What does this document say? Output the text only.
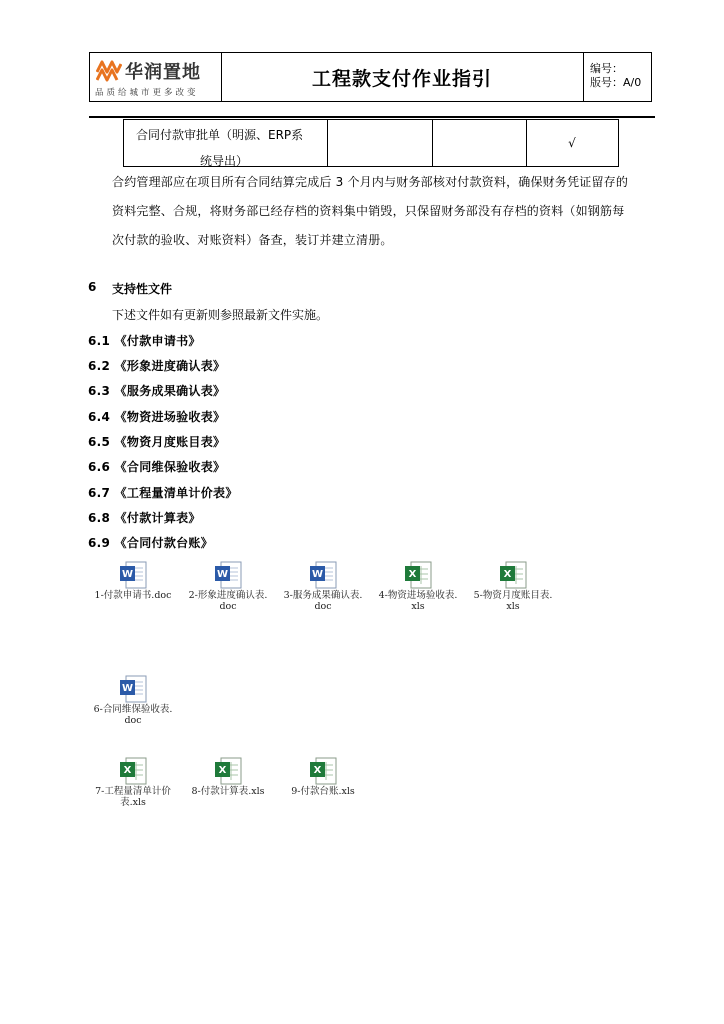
华润置地
品质给城市更多改变
工程款支付作业指引	编号：
版号：A/0
合同付款审批单（明源、ERP系
统导出）
√
合约管理部应在项目所有合同结算完成后 3 个月内与财务部核对付款资料，确保财务凭证留存的
资料完整、合规，将财务部已经存档的资料集中销毁，只保留财务部没有存档的资料（如钢筋每
次付款的验收、对账资料）备查，装订并建立清册。
6 支持性文件
下述文件如有更新则参照最新文件实施。
6.1 《付款申请书》
6.2 《形象进度确认表》
6.3 《服务成果确认表》
6.4 《物资进场验收表》
6.5 《物资月度账目表》
6.6 《合同维保验收表》
6.7 《工程量清单计价表》
6.8 《付款计算表》
6.9 《合同付款台账》
W
1-付款申请书.doc
W
2-形象进度确认表.
doc
W
3-服务成果确认表.
doc
X
4-物资进场验收表.
xls
X
5-物资月度账目表.
xls
W
6-合同维保验收表.
doc
X
7-工程量清单计价
表.xls
X
8-付款计算表.xls
X
9-付款台账.xls
